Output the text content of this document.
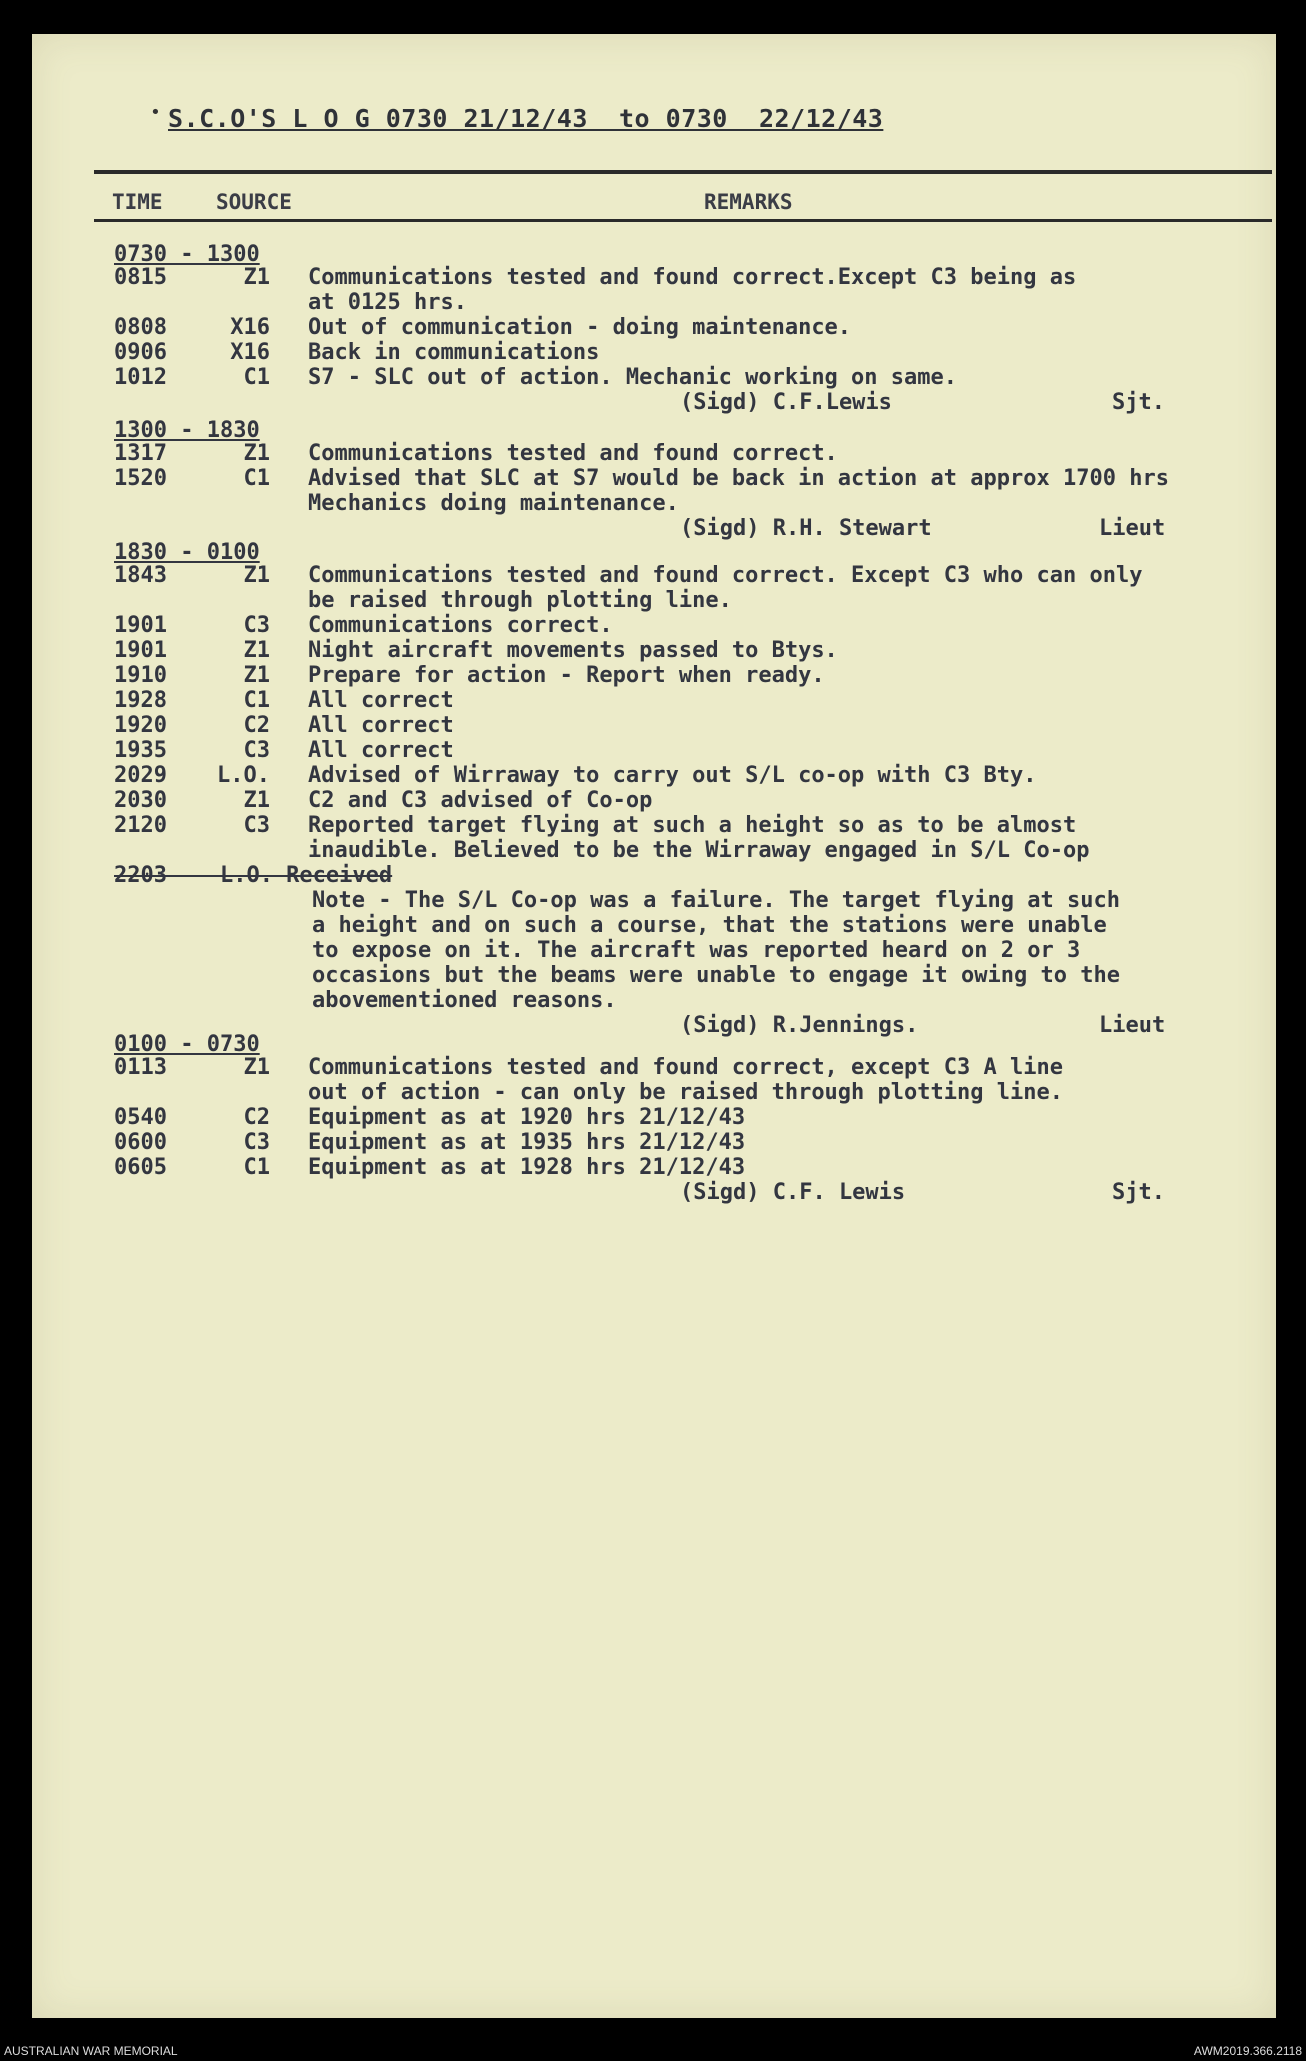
• S.C.O'S L O G 0730 21/12/43  to 0730  22/12/43
TIME	SOURCE	REMARKS
0730 - 1300
0815	Z1 Communications tested and found correct.Except C3 being as
at 0125 hrs.
0808	X16 Out of communication - doing maintenance.
0906	X16 Back in communications
1012	C1 S7 - SLC out of action. Mechanic working on same.
(Sigd) C.F.Lewis	Sjt.
1300 - 1830
1317	Z1 Communications tested and found correct.
1520	C1 Advised that SLC at S7 would be back in action at approx 1700 hrs
Mechanics doing maintenance.
(Sigd) R.H. Stewart	Lieut
1830 - 0100
1843	Z1 Communications tested and found correct. Except C3 who can only
be raised through plotting line.
1901	C3 Communications correct.
1901	Z1 Night aircraft movements passed to Btys.
1910	Z1 Prepare for action - Report when ready.
1928	C1 All correct
1920	C2 All correct
1935	C3 All correct
2029	L.O. Advised of Wirraway to carry out S/L co-op with C3 Bty.
2030	Z1 C2 and C3 advised of Co-op
2120	C3 Reported target flying at such a height so as to be almost
inaudible. Believed to be the Wirraway engaged in S/L Co-op
2203    L.O. Received
Note - The S/L Co-op was a failure. The target flying at such
a height and on such a course, that the stations were unable
to expose on it. The aircraft was reported heard on 2 or 3
occasions but the beams were unable to engage it owing to the
abovementioned reasons.
(Sigd) R.Jennings.	Lieut
0100 - 0730
0113	Z1 Communications tested and found correct, except C3 A line
out of action - can only be raised through plotting line.
0540	C2 Equipment as at 1920 hrs 21/12/43
0600	C3 Equipment as at 1935 hrs 21/12/43
0605	C1 Equipment as at 1928 hrs 21/12/43
(Sigd) C.F. Lewis	Sjt.
AUSTRALIAN WAR MEMORIAL	AWM2019.366.2118
